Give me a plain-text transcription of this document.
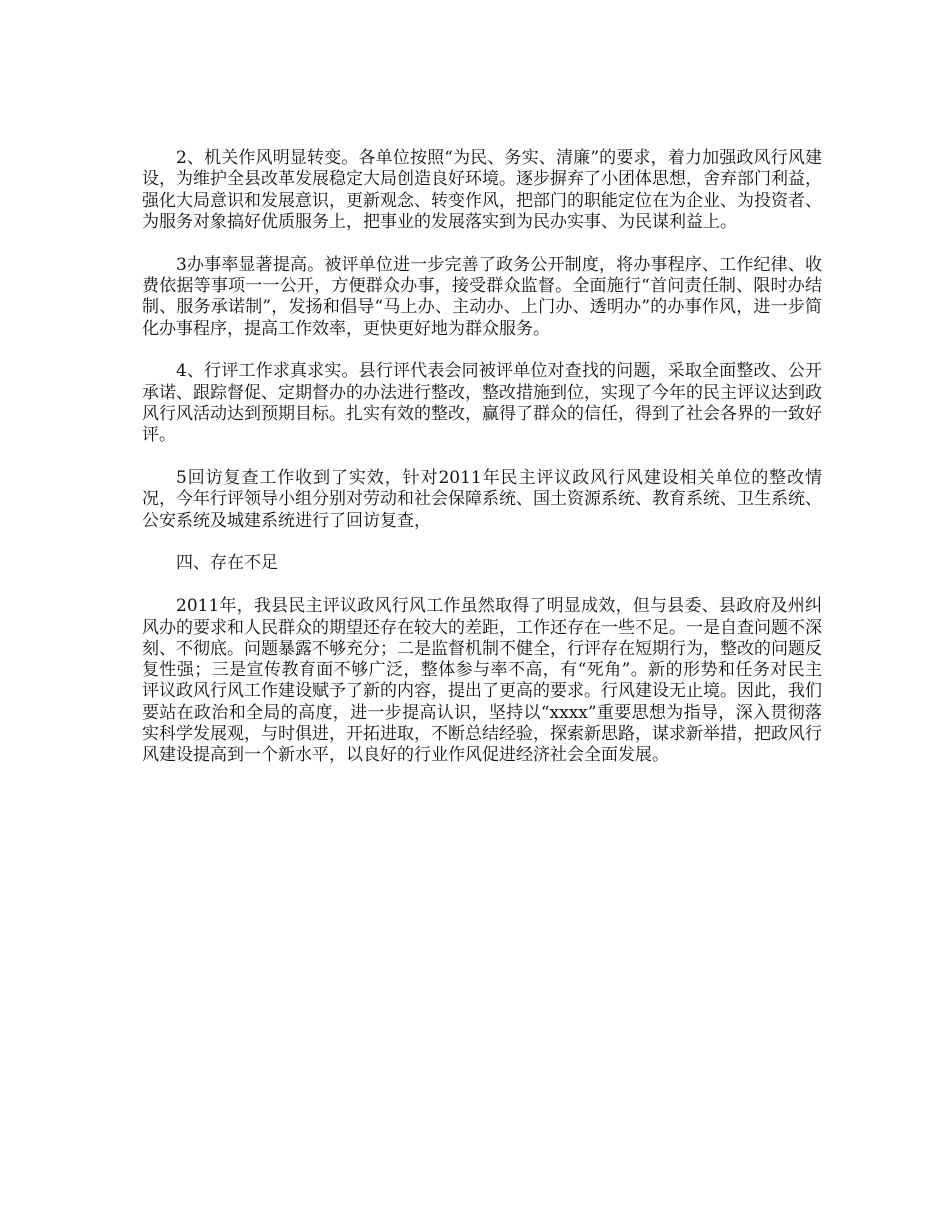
2、机关作风明显转变。各单位按照“为民、务实、清廉”的要求，着力加强政风行风建设，为维护全县改革发展稳定大局创造良好环境。逐步摒弃了小团体思想，舍弃部门利益，强化大局意识和发展意识，更新观念、转变作风，把部门的职能定位在为企业、为投资者、为服务对象搞好优质服务上，把事业的发展落实到为民办实事、为民谋利益上。

3办事率显著提高。被评单位进一步完善了政务公开制度，将办事程序、工作纪律、收费依据等事项一一公开，方便群众办事，接受群众监督。全面施行“首问责任制、限时办结制、服务承诺制”，发扬和倡导“马上办、主动办、上门办、透明办”的办事作风，进一步简化办事程序，提高工作效率，更快更好地为群众服务。

4、行评工作求真求实。县行评代表会同被评单位对查找的问题，采取全面整改、公开承诺、跟踪督促、定期督办的办法进行整改，整改措施到位，实现了今年的民主评议达到政风行风活动达到预期目标。扎实有效的整改，赢得了群众的信任，得到了社会各界的一致好评。

5回访复查工作收到了实效，针对2011年民主评议政风行风建设相关单位的整改情况，今年行评领导小组分别对劳动和社会保障系统、国土资源系统、教育系统、卫生系统、公安系统及城建系统进行了回访复查，

四、存在不足

2011年，我县民主评议政风行风工作虽然取得了明显成效，但与县委、县政府及州纠风办的要求和人民群众的期望还存在较大的差距，工作还存在一些不足。一是自查问题不深刻、不彻底。问题暴露不够充分；二是监督机制不健全，行评存在短期行为，整改的问题反复性强；三是宣传教育面不够广泛，整体参与率不高，有“死角”。新的形势和任务对民主评议政风行风工作建设赋予了新的内容，提出了更高的要求。行风建设无止境。因此，我们要站在政治和全局的高度，进一步提高认识，坚持以“xxxx”重要思想为指导，深入贯彻落实科学发展观，与时俱进，开拓进取，不断总结经验，探索新思路，谋求新举措，把政风行风建设提高到一个新水平，以良好的行业作风促进经济社会全面发展。
